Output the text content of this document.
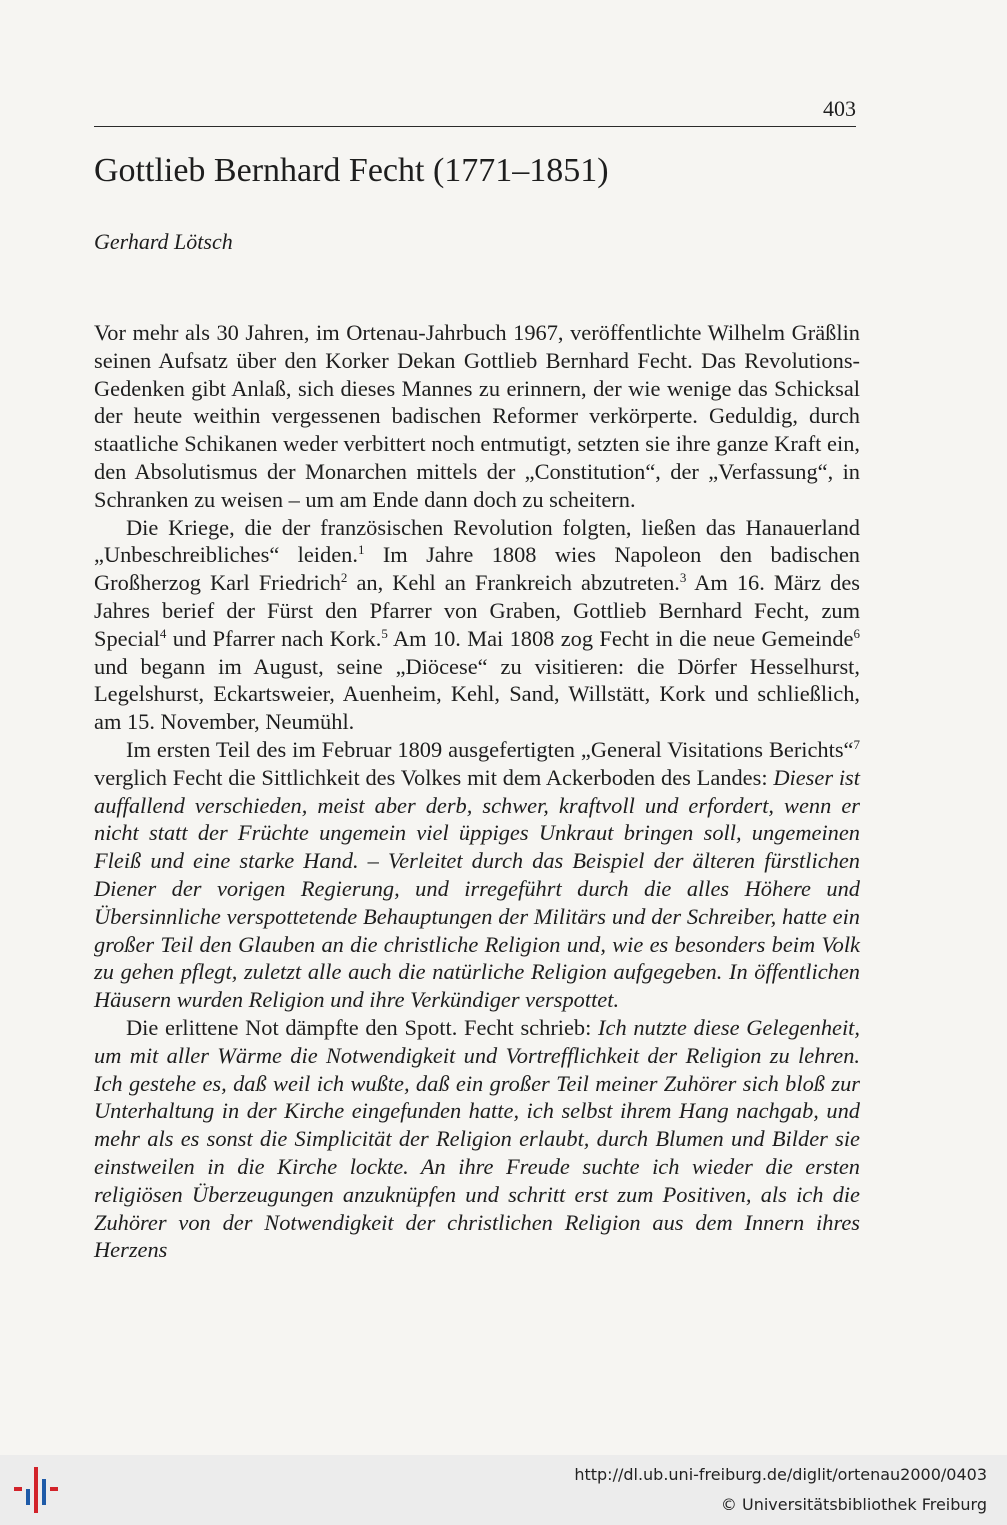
403
Gottlieb Bernhard Fecht (1771–1851)
Gerhard Lötsch

Vor mehr als 30 Jahren, im Ortenau-Jahrbuch 1967, veröffentlichte Wilhelm Gräßlin seinen Aufsatz über den Korker Dekan Gottlieb Bernhard Fecht. Das Revolutions-Gedenken gibt Anlaß, sich dieses Mannes zu erinnern, der wie wenige das Schicksal der heute weithin vergessenen badischen Reformer verkörperte. Geduldig, durch staatliche Schikanen weder verbittert noch entmutigt, setzten sie ihre ganze Kraft ein, den Absolutismus der Monarchen mittels der „Constitution“, der „Verfassung“, in Schranken zu weisen – um am Ende dann doch zu scheitern.

Die Kriege, die der französischen Revolution folgten, ließen das Hanauerland „Unbeschreibliches“ leiden.$^1$ Im Jahre 1808 wies Napoleon den badischen Großherzog Karl Friedrich$^2$ an, Kehl an Frankreich abzutreten.$^3$ Am 16. März des Jahres berief der Fürst den Pfarrer von Graben, Gottlieb Bernhard Fecht, zum Special$^4$ und Pfarrer nach Kork.$^5$ Am 10. Mai 1808 zog Fecht in die neue Gemeinde$^6$ und begann im August, seine „Diöcese“ zu visitieren: die Dörfer Hesselhurst, Legelshurst, Eckartsweier, Auenheim, Kehl, Sand, Willstätt, Kork und schließlich, am 15. November, Neumühl.

Im ersten Teil des im Februar 1809 ausgefertigten „General Visitations Berichts“$^7$ verglich Fecht die Sittlichkeit des Volkes mit dem Ackerboden des Landes: Dieser ist auffallend verschieden, meist aber derb, schwer, kraftvoll und erfordert, wenn er nicht statt der Früchte ungemein viel üppiges Unkraut bringen soll, ungemeinen Fleiß und eine starke Hand. – Verleitet durch das Beispiel der älteren fürstlichen Diener der vorigen Regierung, und irregeführt durch die alles Höhere und Übersinnliche verspottetende Behauptungen der Militärs und der Schreiber, hatte ein großer Teil den Glauben an die christliche Religion und, wie es besonders beim Volk zu gehen pflegt, zuletzt alle auch die natürliche Religion aufgegeben. In öffentlichen Häusern wurden Religion und ihre Verkündiger verspottet.

Die erlittene Not dämpfte den Spott. Fecht schrieb: Ich nutzte diese Gelegenheit, um mit aller Wärme die Notwendigkeit und Vortrefflichkeit der Religion zu lehren. Ich gestehe es, daß weil ich wußte, daß ein großer Teil meiner Zuhörer sich bloß zur Unterhaltung in der Kirche eingefunden hatte, ich selbst ihrem Hang nachgab, und mehr als es sonst die Simplicität der Religion erlaubt, durch Blumen und Bilder sie einstweilen in die Kirche lockte. An ihre Freude suchte ich wieder die ersten religiösen Überzeugungen anzuknüpfen und schritt erst zum Positiven, als ich die Zuhörer von der Notwendigkeit der christlichen Religion aus dem Innern ihres Herzens

http://dl.ub.uni-freiburg.de/diglit/ortenau2000/0403
© Universitätsbibliothek Freiburg
